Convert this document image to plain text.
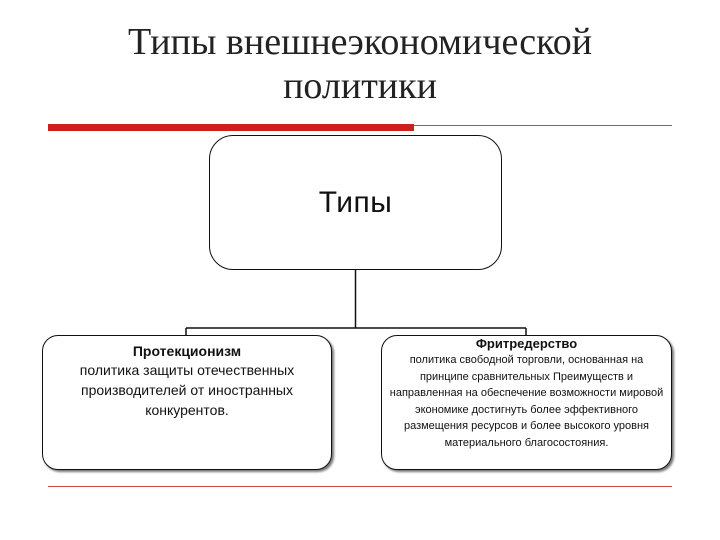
Типы внешнеэкономической
политики
Типы
Протекционизм
политика защиты отечественных производителей от иностранных конкурентов.
Фритредерство
политика свободной торговли, основанная на принципе сравнительных Преимуществ и направленная на обеспечение возможности мировой экономике достигнуть более эффективного размещения ресурсов и более высокого уровня материального благосостояния.
